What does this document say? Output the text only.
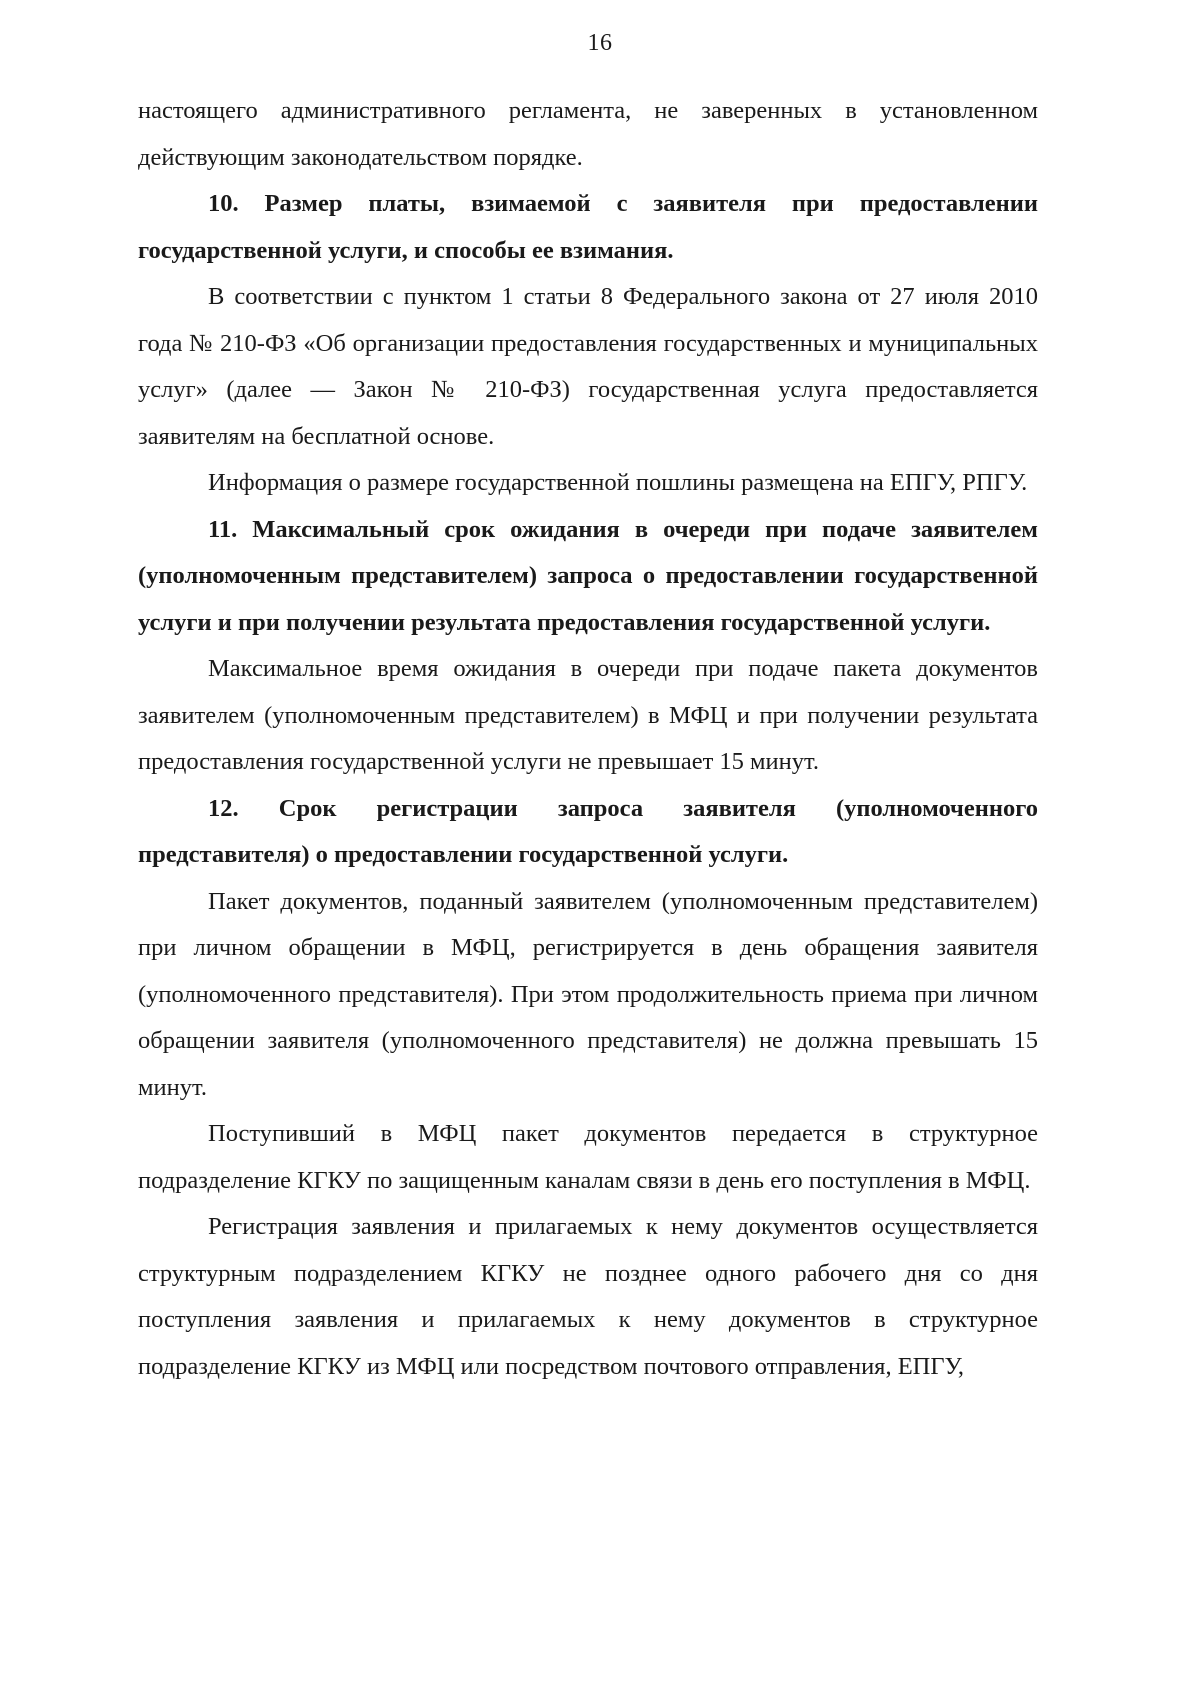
16

настоящего административного регламента, не заверенных в установленном действующим законодательством порядке.

10. Размер платы, взимаемой с заявителя при предоставлении государственной услуги, и способы ее взимания.

В соответствии с пунктом 1 статьи 8 Федерального закона от 27 июля 2010 года № 210-ФЗ «Об организации предоставления государственных и муниципальных услуг» (далее — Закон № 210-ФЗ) государственная услуга предоставляется заявителям на бесплатной основе.

Информация о размере государственной пошлины размещена на ЕПГУ, РПГУ.

11. Максимальный срок ожидания в очереди при подаче заявителем (уполномоченным представителем) запроса о предоставлении государственной услуги и при получении результата предоставления государственной услуги.

Максимальное время ожидания в очереди при подаче пакета документов заявителем (уполномоченным представителем) в МФЦ и при получении результата предоставления государственной услуги не превышает 15 минут.

12. Срок регистрации запроса заявителя (уполномоченного представителя) о предоставлении государственной услуги.

Пакет документов, поданный заявителем (уполномоченным представителем) при личном обращении в МФЦ, регистрируется в день обращения заявителя (уполномоченного представителя). При этом продолжительность приема при личном обращении заявителя (уполномоченного представителя) не должна превышать 15 минут.

Поступивший в МФЦ пакет документов передается в структурное подразделение КГКУ по защищенным каналам связи в день его поступления в МФЦ.

Регистрация заявления и прилагаемых к нему документов осуществляется структурным подразделением КГКУ не позднее одного рабочего дня со дня поступления заявления и прилагаемых к нему документов в структурное подразделение КГКУ из МФЦ или посредством почтового отправления, ЕПГУ,
